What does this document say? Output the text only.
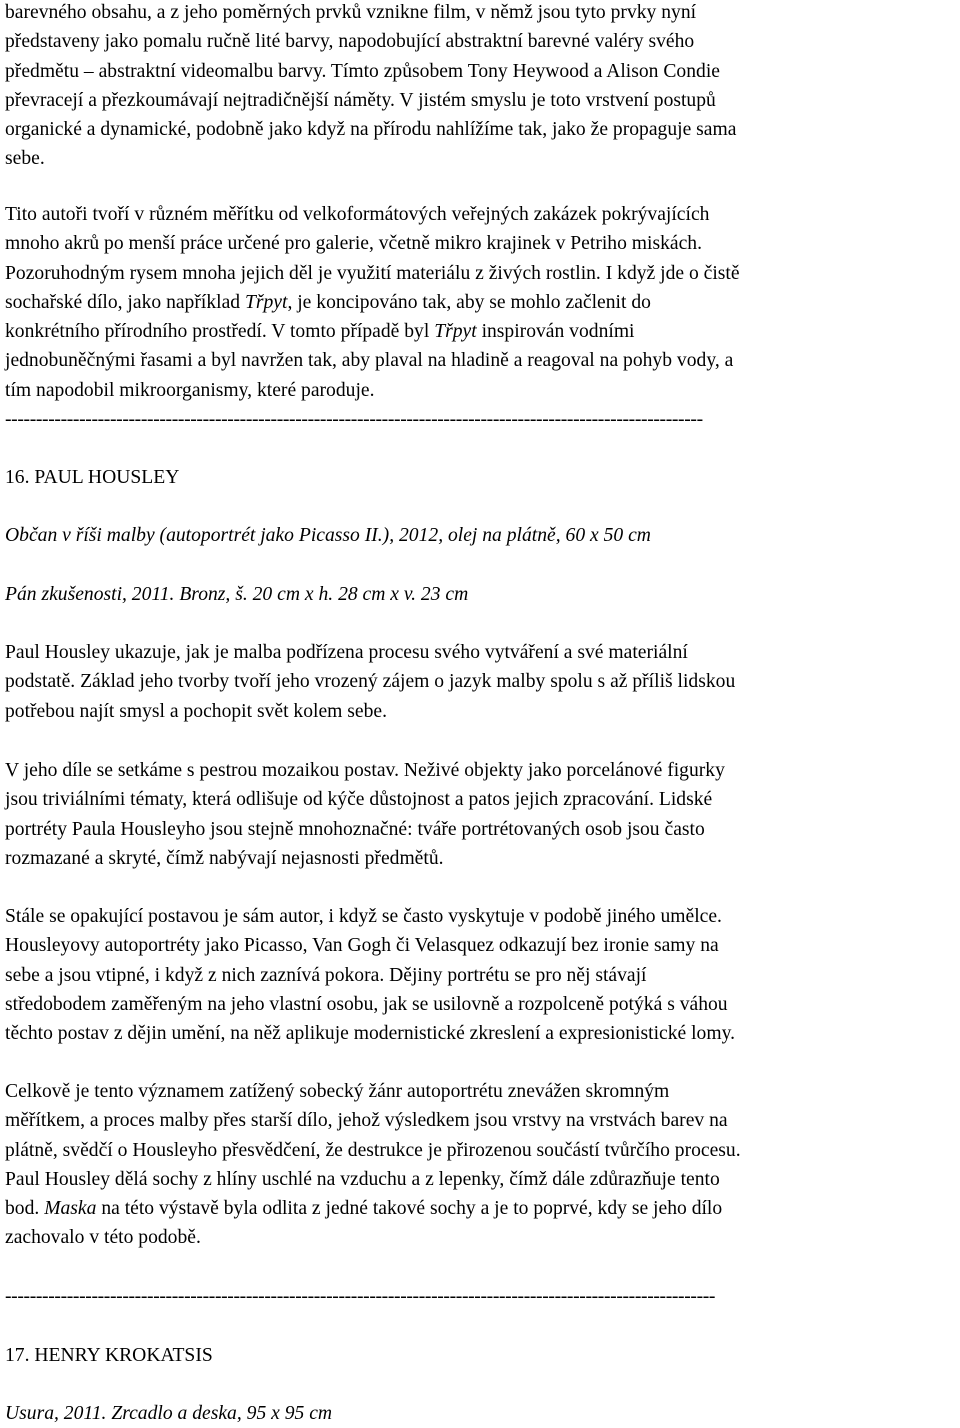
barevného obsahu, a z jeho poměrných prvků vznikne film, v němž jsou tyto prvky nyní
představeny jako pomalu ručně lité barvy, napodobující abstraktní barevné valéry svého
předmětu – abstraktní videomalbu barvy. Tímto způsobem Tony Heywood a Alison Condie
převracejí a přezkoumávají nejtradičnější náměty. V jistém smyslu je toto vrstvení postupů
organické a dynamické, podobně jako když na přírodu nahlížíme tak, jako že propaguje sama
sebe.

Tito autoři tvoří v různém měřítku od velkoformátových veřejných zakázek pokrývajících
mnoho akrů po menší práce určené pro galerie, včetně mikro krajinek v Petriho miskách.
Pozoruhodným rysem mnoha jejich děl je využití materiálu z živých rostlin. I když jde o čistě
sochařské dílo, jako například Třpyt, je koncipováno tak, aby se mohlo začlenit do
konkrétního přírodního prostředí. V tomto případě byl Třpyt inspirován vodními
jednobuněčnými řasami a byl navržen tak, aby plaval na hladině a reagoval na pohyb vody, a
tím napodobil mikroorganismy, které paroduje.

-----------------------------------------------------------------------------------------------------------------

16. PAUL HOUSLEY

Občan v říši malby (autoportrét jako Picasso II.), 2012, olej na plátně, 60 x 50 cm

Pán zkušenosti, 2011. Bronz, š. 20 cm x h. 28 cm x v. 23 cm

Paul Housley ukazuje, jak je malba podřízena procesu svého vytváření a své materiální
podstatě. Základ jeho tvorby tvoří jeho vrozený zájem o jazyk malby spolu s až příliš lidskou
potřebou najít smysl a pochopit svět kolem sebe.

V jeho díle se setkáme s pestrou mozaikou postav. Neživé objekty jako porcelánové figurky
jsou triviálními tématy, která odlišuje od kýče důstojnost a patos jejich zpracování. Lidské
portréty Paula Housleyho jsou stejně mnohoznačné: tváře portrétovaných osob jsou často
rozmazané a skryté, čímž nabývají nejasnosti předmětů.

Stále se opakující postavou je sám autor, i když se často vyskytuje v podobě jiného umělce.
Housleyovy autoportréty jako Picasso, Van Gogh či Velasquez odkazují bez ironie samy na
sebe a jsou vtipné, i když z nich zaznívá pokora. Dějiny portrétu se pro něj stávají
středobodem zaměřeným na jeho vlastní osobu, jak se usilovně a rozpolceně potýká s váhou
těchto postav z dějin umění, na něž aplikuje modernistické zkreslení a expresionistické lomy.

Celkově je tento významem zatížený sobecký žánr autoportrétu znevážen skromným
měřítkem, a proces malby přes starší dílo, jehož výsledkem jsou vrstvy na vrstvách barev na
plátně, svědčí o Housleyho přesvědčení, že destrukce je přirozenou součástí tvůrčího procesu.
Paul Housley dělá sochy z hlíny uschlé na vzduchu a z lepenky, čímž dále zdůrazňuje tento
bod. Maska na této výstavě byla odlita z jedné takové sochy a je to poprvé, kdy se jeho dílo
zachovalo v této podobě.

-------------------------------------------------------------------------------------------------------------------

17. HENRY KROKATSIS

Usura, 2011. Zrcadlo a deska, 95 x 95 cm
